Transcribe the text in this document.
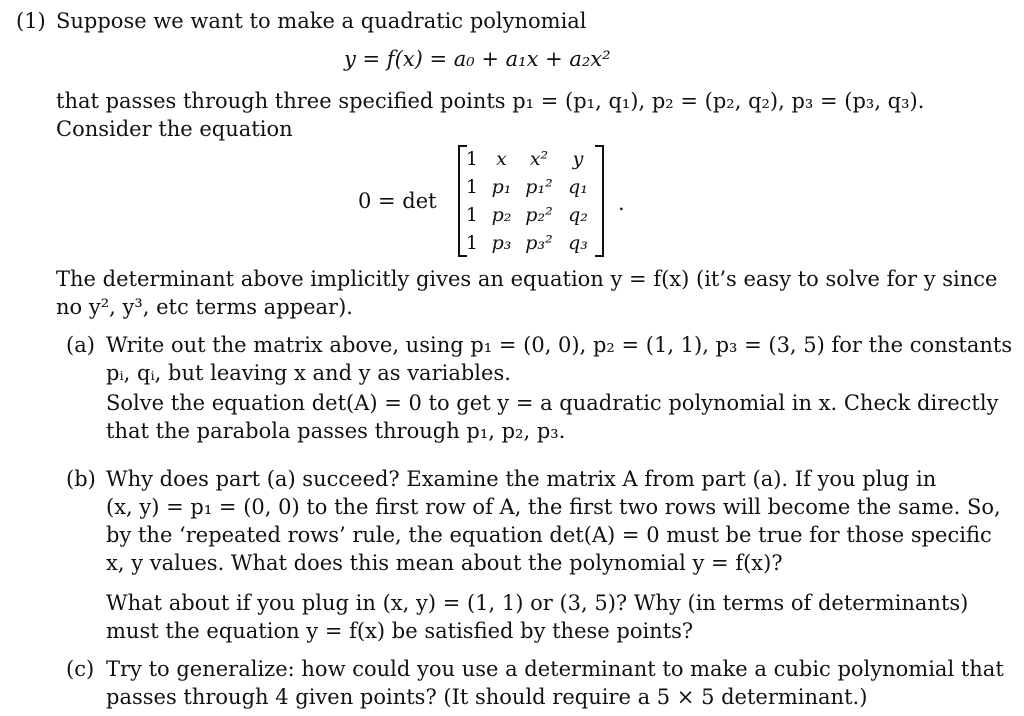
(1) Suppose we want to make a quadratic polynomial
y = f(x) = a₀ + a₁x + a₂x²
that passes through three specified points p₁ = (p₁, q₁), p₂ = (p₂, q₂), p₃ = (p₃, q₃).
Consider the equation
0 = det
1 x	x²	y
1 p₁ p₁² q₁
1 p₂ p₂² q₂
1 p₃ p₃² q₃
.
The determinant above implicitly gives an equation y = f(x) (it’s easy to solve for y since
no y², y³, etc terms appear).
(a) Write out the matrix above, using p₁ = (0, 0), p₂ = (1, 1), p₃ = (3, 5) for the constants
pᵢ, qᵢ, but leaving x and y as variables.
Solve the equation det(A) = 0 to get y = a quadratic polynomial in x. Check directly
that the parabola passes through p₁, p₂, p₃.
(b) Why does part (a) succeed? Examine the matrix A from part (a). If you plug in
(x, y) = p₁ = (0, 0) to the first row of A, the first two rows will become the same. So,
by the ‘repeated rows’ rule, the equation det(A) = 0 must be true for those specific
x, y values. What does this mean about the polynomial y = f(x)?
What about if you plug in (x, y) = (1, 1) or (3, 5)? Why (in terms of determinants)
must the equation y = f(x) be satisfied by these points?
(c) Try to generalize: how could you use a determinant to make a cubic polynomial that
passes through 4 given points? (It should require a 5 × 5 determinant.)
